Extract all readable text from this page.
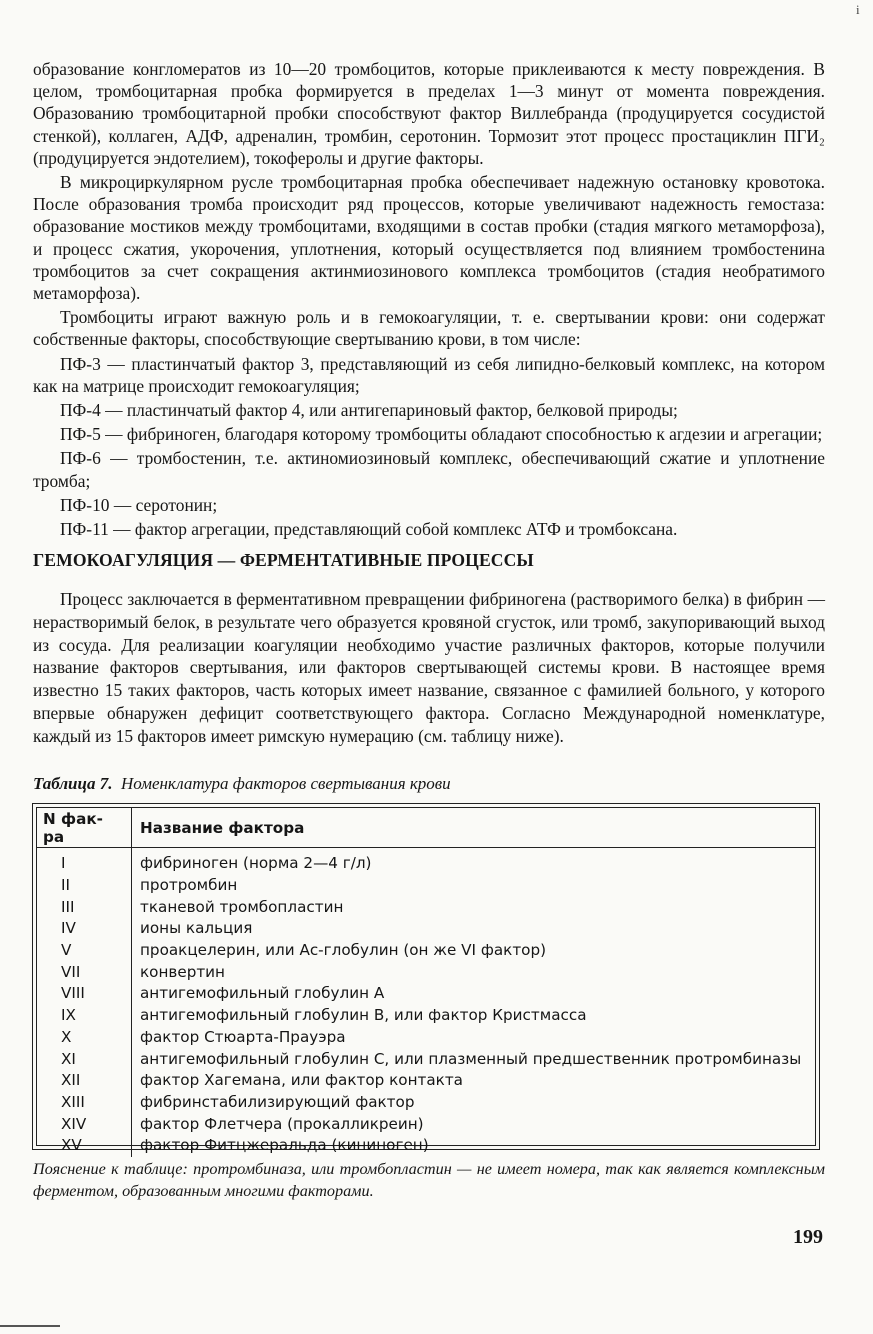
i

образование конгломератов из 10—20 тромбоцитов, которые приклеиваются к месту повреждения. В целом, тромбоцитарная пробка формируется в пределах 1—3 минут от момента повреждения. Образованию тромбоцитарной пробки способствуют фактор Виллебранда (продуцируется сосудистой стенкой), коллаген, АДФ, адреналин, тромбин, серотонин. Тормозит этот процесс простациклин ПГИ₂ (продуцируется эндотелием), токоферолы и другие факторы.

В микроциркулярном русле тромбоцитарная пробка обеспечивает надежную остановку кровотока. После образования тромба происходит ряд процессов, которые увеличивают надежность гемостаза: образование мостиков между тромбоцитами, входящими в состав пробки (стадия мягкого метаморфоза), и процесс сжатия, укорочения, уплотнения, который осуществляется под влиянием тромбостенина тромбоцитов за счет сокращения актинмиозинового комплекса тромбоцитов (стадия необратимого метаморфоза).

Тромбоциты играют важную роль и в гемокоагуляции, т. е. свертывании крови: они содержат собственные факторы, способствующие свертыванию крови, в том числе:

ПФ-3 — пластинчатый фактор 3, представляющий из себя липидно-белковый комплекс, на котором как на матрице происходит гемокоагуляция;

ПФ-4 — пластинчатый фактор 4, или антигепариновый фактор, белковой природы;

ПФ-5 — фибриноген, благодаря которому тромбоциты обладают способностью к агдезии и агрегации;

ПФ-6 — тромбостенин, т.е. актиномиозиновый комплекс, обеспечивающий сжатие и уплотнение тромба;

ПФ-10 — серотонин;

ПФ-11 — фактор агрегации, представляющий собой комплекс АТФ и тромбоксана.

ГЕМОКОАГУЛЯЦИЯ — ФЕРМЕНТАТИВНЫЕ ПРОЦЕССЫ

Процесс заключается в ферментативном превращении фибриногена (растворимого белка) в фибрин — нерастворимый белок, в результате чего образуется кровяной сгусток, или тромб, закупоривающий выход из сосуда. Для реализации коагуляции необходимо участие различных факторов, которые получили название факторов свертывания, или факторов свертывающей системы крови. В настоящее время известно 15 таких факторов, часть которых имеет название, связанное с фамилией больного, у которого впервые обнаружен дефицит соответствующего фактора. Согласно Международной номенклатуре, каждый из 15 факторов имеет римскую нумерацию (см. таблицу ниже).

Таблица 7. Номенклатура факторов свертывания крови
N фак-ра	Название фактора
I	фибриноген (норма 2—4 г/л)
II	протромбин
III	тканевой тромбопластин
IV	ионы кальция
V	проакцелерин, или Ас-глобулин (он же VI фактор)
VII	конвертин
VIII	антигемофильный глобулин А
IX	антигемофильный глобулин В, или фактор Кристмасса
X	фактор Стюарта-Прауэра
XI	антигемофильный глобулин С, или плазменный предшественник протромбиназы
XII	фактор Хагемана, или фактор контакта
XIII	фибринстабилизирующий фактор
XIV	фактор Флетчера (прокалликреин)
XV	фактор Фитцжеральда (кининоген)
Пояснение к таблице: протромбиназа, или тромбопластин — не имеет номера, так как является комплексным ферментом, образованным многими факторами.
199
